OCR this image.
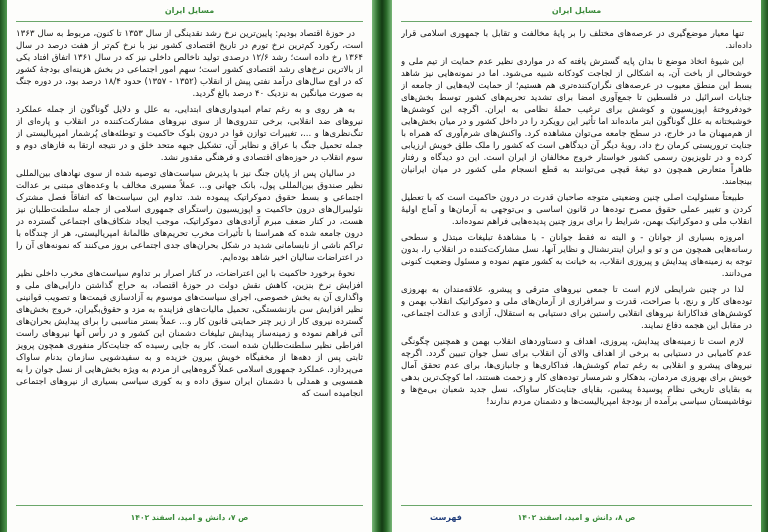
مسایل ایران

در حوزهٔ اقتصاد بودیم: پایین‌ترین نرخ رشد نقدینگی از سال ۱۳۵۳ تا کنون، مربوط به سال ۱۳۶۳ است، رکورد کم‌ترین نرخ تورم در تاریخ اقتصادی کشور نیز با نرخ کم‌تر از هفت درصد در سال ۱۳۶۴ رخ داده است؛ رشد ۱۲/۶ درصدی تولید ناخالص داخلی نیز که در سال ۱۳۶۱ اتفاق افتاد یکی از بالاترین نرخ‌های رشد اقتصادی کشور است؛ سهم امور اجتماعی در بخش هزینه‌ای بودجهٔ کشور که در اوج سال‌های درآمد نفتی پیش از انقلاب (۱۳۵۲ - ۱۳۵۷) حدود ۱۸/۴ درصد بود، در دوره جنگ به صورت میانگین به نزدیک ۴۰ درصد بالغ گردید.

به هر روی و به رغم تمام امیدواری‌های ابتدایی، به علل و دلایل گوناگون از جمله عملکرد نیروهای ضد انقلابی، برخی تندروی‌ها از سوی نیروهای مشارکت‌کننده در انقلاب و پاره‌ای از تنگ‌نظری‌ها و ...، تغییرات توازن قوا در درون بلوک حاکمیت و توطئه‌های پُرشمار امپریالیستی از جمله تحمیل جنگ با عراق و نظایر آن، تشکیل جبهه متحد خلق و در نتیجه ارتقا به فازهای دوم و سوم انقلاب در حوزه‌های اقتصادی و فرهنگی مقدور نشد.

در سالیان پس از پایان جنگ نیز با پذیرش سیاست‌های توصیه شده از سوی نهادهای بین‌المللی نظیر صندوق بین‌المللی پول، بانک جهانی و... عملاً مسیری مخالف با وعده‌های مبتنی بر عدالت اجتماعی و بسط حقوق دموکراتیک پیموده شد. تداوم این سیاست‌ها که اتفاقاً فصل مشترک نئولیبرال‌های درون حاکمیت و اپوزیسیون راستگرای جمهوری اسلامی از جمله سلطنت‌طلبان نیز هست، در کنار ضعف مبرم آزادی‌های دموکراتیک، موجب ایجاد شکاف‌های اجتماعی گسترده در درون جامعه شده که همراستا با تأثیرات مخرب تحریم‌های ظالمانهٔ امپریالیستی، هر از چندگاه با تراکم ناشی از نابسامانی شدید در شکل بحران‌های جدی اجتماعی بروز می‌کنند که نمونه‌های آن را در اعتراضات سالیان اخیر شاهد بوده‌ایم.

نحوهٔ برخورد حاکمیت با این اعتراضات، در کنار اصرار بر تداوم سیاست‌های مخرب داخلی نظیر افزایش نرخ بنزین، کاهش نقش دولت در حوزهٔ اقتصاد، به حراج گذاشتن دارایی‌های ملی و واگذاری آن به بخش خصوصی، اجرای سیاست‌های موسوم به آزادسازی قیمت‌ها و تصویب قوانینی نظیر افزایش سن بازنشستگی، تحمیل مالیات‌های فزاینده به مزد و حقوق‌بگیران، خروج بخش‌های گسترده نیروی کار از زیر چتر حمایتی قانون کار و... عملاً بستر مناسبی را برای پیدایش بحران‌های آتی فراهم نموده و زمینه‌ساز پیدایش تبلیغات دشمنان این کشور و در رأس آنها نیروهای راست افراطی نظیر سلطنت‌طلبان شده است. کار به جایی رسیده که جنایت‌کار منفوری همچون پرویز ثابتی پس از دهه‌ها از مخفیگاه خویش بیرون خزیده و به سفیدشویی سازمان بدنام ساواک می‌پردازد. عملکرد جمهوری اسلامی عملاً گروه‌هایی از مردم به ویژه بخش‌هایی از نسل جوان را به همسویی و همدلی با دشمنان ایران سوق داده و به کوری سیاسی بسیاری از نیروهای اجتماعی انجامیده است که

ص ۷، دانش و امید، اسفند ۱۴۰۲
مسایل ایران

تنها معیار موضع‌گیری در عرصه‌های مختلف را بر پایهٔ مخالفت و تقابل با جمهوری اسلامی قرار داده‌اند.

این شیوهٔ اتخاذ موضع تا بدان پایه گسترش یافته که در مواردی نظیر عدم حمایت از تیم ملی و خوشحالی از باخت آن، به اشکالی از لجاجت کودکانه شبیه می‌شود. اما در نمونه‌هایی نیز شاهد بسط این منطق معیوب در عرصه‌های نگران‌کننده‌تری هم هستیم؛ از حمایت لایه‌هایی از جامعه از جنایات اسرائیل در فلسطین تا جمع‌آوری امضا برای تشدید تحریم‌های کشور توسط بخش‌های خودفروختهٔ اپوزیسیون و کوشش برای ترغیب حملهٔ نظامی به ایران. اگرچه این کوشش‌ها خوشبختانه به علل گوناگون ابتر مانده‌اند اما تأثیر این رویکرد را در داخل کشور و در میان بخش‌هایی از هم‌میهنان ما در خارج، در سطح جامعه می‌توان مشاهده کرد. واکنش‌های شرم‌آوری که همراه با جنایت تروریستی کرمان رخ داد، رویهٔ دیگر آن دیدگاهی است که کشور را ملک طلق خویش ارزیابی کرده و در تلویزیون رسمی کشور خواستار خروج مخالفان از ایران است. این دو دیدگاه و رفتار ظاهراً متعارض همچون دو تیغهٔ قیچی می‌توانند به قطع انسجام ملی کشور در میان ایرانیان بینجامند.

طبیعتاً مسئولیت اصلی چنین وضعیتی متوجه صاحبان قدرت در درون حاکمیت است که با تعطیل کردن و تغییر عملی حقوق مصرح توده‌ها در قانون اساسی و بی‌توجهی به آرمان‌ها و آماج اولیهٔ انقلاب ملی و دموکراتیک بهمن، شرایط را برای بروز چنین پدیده‌هایی فراهم نموده‌اند.

امروزه بسیاری از جوانان - و البته نه فقط جوانان - با مشاهدهٔ تبلیغات مبتذل و سطحی رسانه‌هایی همچون من و تو و ایران اینترنشنال و نظایر آنها، نسل مشارکت‌کننده در انقلاب را، بدون توجه به زمینه‌های پیدایش و پیروزی انقلاب، به خیانت به کشور متهم نموده و مسئول وضعیت کنونی می‌دانند.

لذا در چنین شرایطی لازم است تا جمعی نیروهای مترقی و پیشرو، علاقه‌مندان به بهروزی توده‌های کار و رنج، با صراحت، قدرت و سرافرازی از آرمان‌های ملی و دموکراتیک انقلاب بهمن و کوشش‌های فداکارانهٔ نیروهای انقلابی راستین برای دستیابی به استقلال، آزادی و عدالت اجتماعی، در مقابل این هجمه دفاع نمایند.

لازم است تا زمینه‌های پیدایش، پیروزی، اهداف و دستاوردهای انقلاب بهمن و همچنین چگونگی عدم کامیابی در دستیابی به برخی از اهداف والای آن انقلاب برای نسل جوان تبیین گردد. اگرچه نیروهای پیشرو و انقلابی به رغم تمام کوشش‌ها، فداکاری‌ها و جانبازی‌ها، برای عدم تحقق آمال خویش برای بهروزی مردمان، بدهکار و شرمسار توده‌های کار و زحمت هستند، اما کوچک‌ترین بدهی به بقایای تاریخی نظام پوسیدهٔ پیشین، بقایای جنایت‌کار ساواک، نسل جدید شعبان بی‌مخ‌ها و نوفاشیستان سیاسی برآمده از بودجهٔ امپریالیست‌ها و دشمنان مردم ندارند!

فهرست	ص ۸، دانش و امید، اسفند ۱۴۰۲
